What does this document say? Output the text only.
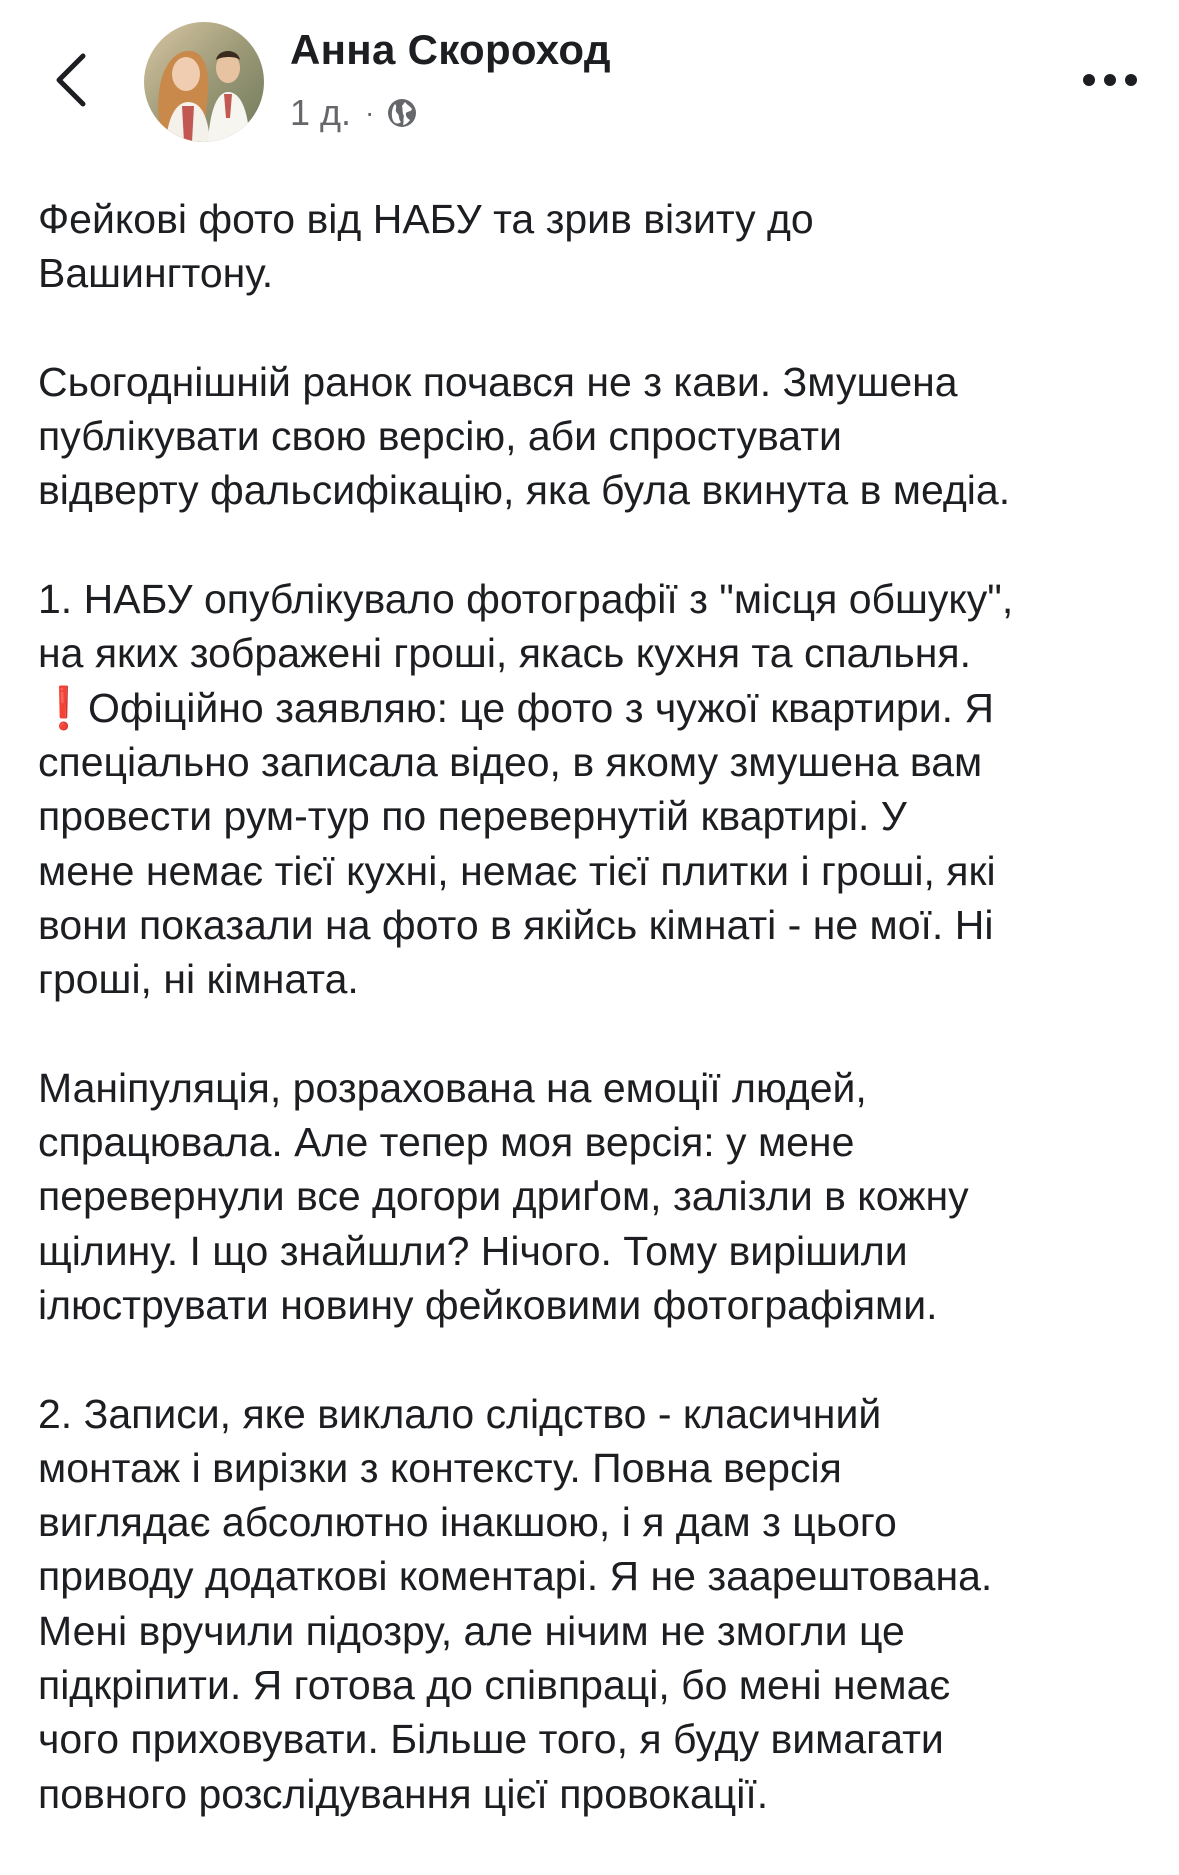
Анна Скороход
1 д. ·

Фейкові фото від НАБУ та зрив візиту до
Вашингтону.

Сьогоднішній ранок почався не з кави. Змушена
публікувати свою версію, аби спростувати
відверту фальсифікацію, яка була вкинута в медіа.

1. НАБУ опублікувало фотографії з "місця обшуку",
на яких зображені гроші, якась кухня та спальня.
❗Офіційно заявляю: це фото з чужої квартири. Я
спеціально записала відео, в якому змушена вам
провести рум-тур по перевернутій квартирі. У
мене немає тієї кухні, немає тієї плитки і гроші, які
вони показали на фото в якійсь кімнаті - не мої. Ні
гроші, ні кімната.

Маніпуляція, розрахована на емоції людей,
спрацювала. Але тепер моя версія: у мене
перевернули все догори дриґом, залізли в кожну
щілину. І що знайшли? Нічого. Тому вирішили
ілюструвати новину фейковими фотографіями.

2. Записи, яке виклало слідство - класичний
монтаж і вирізки з контексту. Повна версія
виглядає абсолютно інакшою, і я дам з цього
приводу додаткові коментарі. Я не заарештована.
Мені вручили підозру, але нічим не змогли це
підкріпити. Я готова до співпраці, бо мені немає
чого приховувати. Більше того, я буду вимагати
повного розслідування цієї провокації.
